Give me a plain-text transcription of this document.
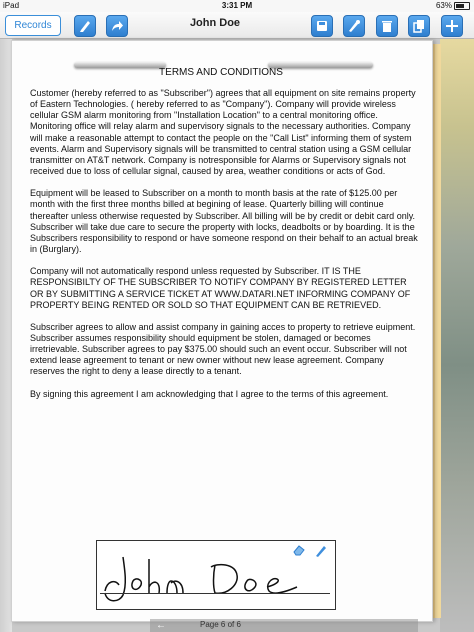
iPad	3:31 PM	63%
Records	John Doe
TERMS AND CONDITIONS

Customer (hereby referred to as "Subscriber") agrees that all equipment on site remains property of Eastern Technologies. ( hereby referred to as "Company"). Company will provide wireless cellular GSM alarm monitoring from "Installation Location" to a central monitoring office. Monitoring office will relay alarm and supervisory signals to the necessary authorities. Company will make a reasonable attempt to contact the people on the "Call List" informing them of system events. Alarm and Supervisory signals will be transmitted to central station using a GSM cellular transmitter on AT&T network. Company is notresponsible for Alarms or Supervisory signals not received due to loss of cellular signal, caused by area, weather conditions or acts of God.

Equipment will be leased to Subscriber on a month to month basis at the rate of $125.00 per month with the first three months billed at begining of lease. Quarterly billing will continue thereafter unless otherwise requested by Subscriber. All billing will be by credit or debit card only. Subscriber will take due care to secure the property with locks, deadbolts or by boarding. It is the Subscribers responsibility to respond or have someone respond on their behalf to an actual break in (Burglary).

Company will not automatically respond unless requested by Subscriber. IT IS THE RESPONSIBILTY OF THE SUBSCRIBER TO NOTIFY COMPANY BY REGISTERED LETTER OR BY SUBMITTING A SERVICE TICKET AT WWW.DATARI.NET INFORMING COMPANY OF PROPERTY BEING RENTED OR SOLD SO THAT EQUIPMENT CAN BE RETRIEVED.

Subscriber agrees to allow and assist company in gaining acces to property to retrieve euipment. Subscriber assumes responsibility should equipment be stolen, damaged or becomes irretrievable. Subscriber agrees to pay $375.00 should such an event occur. Subscriber will not extend lease agreement to tenant or new owner without new lease agreement. Company reserves the right to deny a lease directly to a tenant.

By signing this agreement I am acknowledging that I agree to the terms of this agreement.

←	Page 6 of 6
